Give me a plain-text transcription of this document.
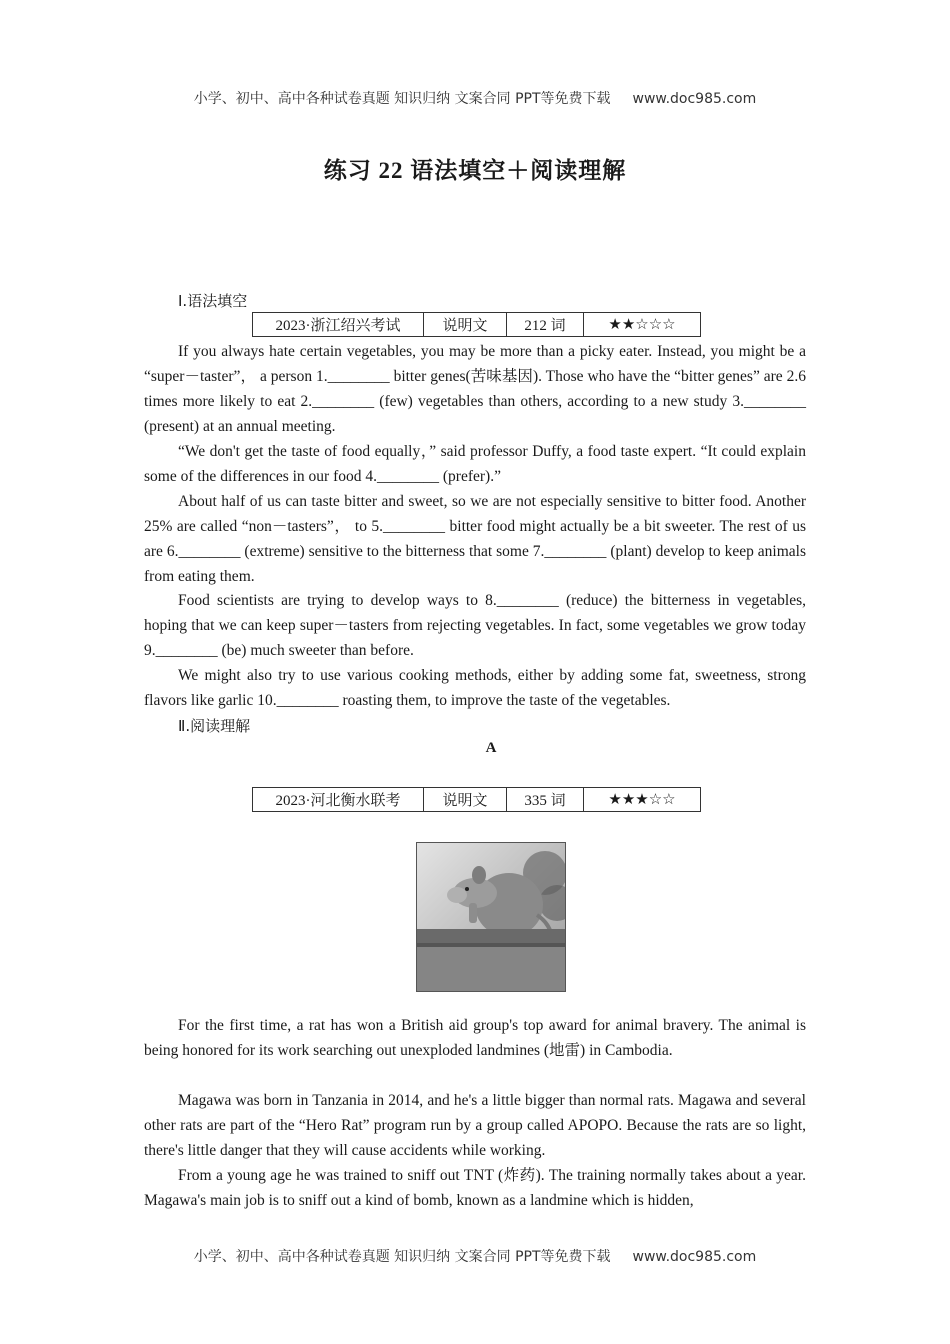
小学、初中、高中各种试卷真题 知识归纳 文案合同 PPT等免费下载 www.doc985.com
练习 22 语法填空＋阅读理解
Ⅰ.语法填空
2023·浙江绍兴考试	说明文	212 词	★★☆☆☆

If you always hate certain vegetables, you may be more than a picky eater. Instead, you might be a “super－taster”， a person 1.________ bitter genes(苦味基因). Those who have the “bitter genes” are 2.6 times more likely to eat 2.________ (few) vegetables than others, according to a new study 3.________ (present) at an annual meeting.

“We don't get the taste of food equally，” said professor Duffy, a food taste expert. “It could explain some of the differences in our food 4.________ (prefer).”

About half of us can taste bitter and sweet, so we are not especially sensitive to bitter food. Another 25% are called “non－tasters”， to 5.________ bitter food might actually be a bit sweeter. The rest of us are 6.________ (extreme) sensitive to the bitterness that some 7.________ (plant) develop to keep animals from eating them.

Food scientists are trying to develop ways to 8.________ (reduce) the bitterness in vegetables, hoping that we can keep super－tasters from rejecting vegetables. In fact, some vegetables we grow today 9.________ (be) much sweeter than before.

We might also try to use various cooking methods, either by adding some fat, sweetness, strong flavors like garlic 10.________ roasting them, to improve the taste of the vegetables.

Ⅱ.阅读理解
A
2023·河北衡水联考	说明文	335 词	★★★☆☆

For the first time, a rat has won a British aid group's top award for animal bravery. The animal is being honored for its work searching out unexploded landmines (地雷) in Cambodia.

Magawa was born in Tanzania in 2014, and he's a little bigger than normal rats. Magawa and several other rats are part of the “Hero Rat” program run by a group called APOPO. Because the rats are so light, there's little danger that they will cause accidents while working.

From a young age he was trained to sniff out TNT (炸药). The training normally takes about a year. Magawa's main job is to sniff out a kind of bomb, known as a landmine which is hidden,

小学、初中、高中各种试卷真题 知识归纳 文案合同 PPT等免费下载 www.doc985.com
